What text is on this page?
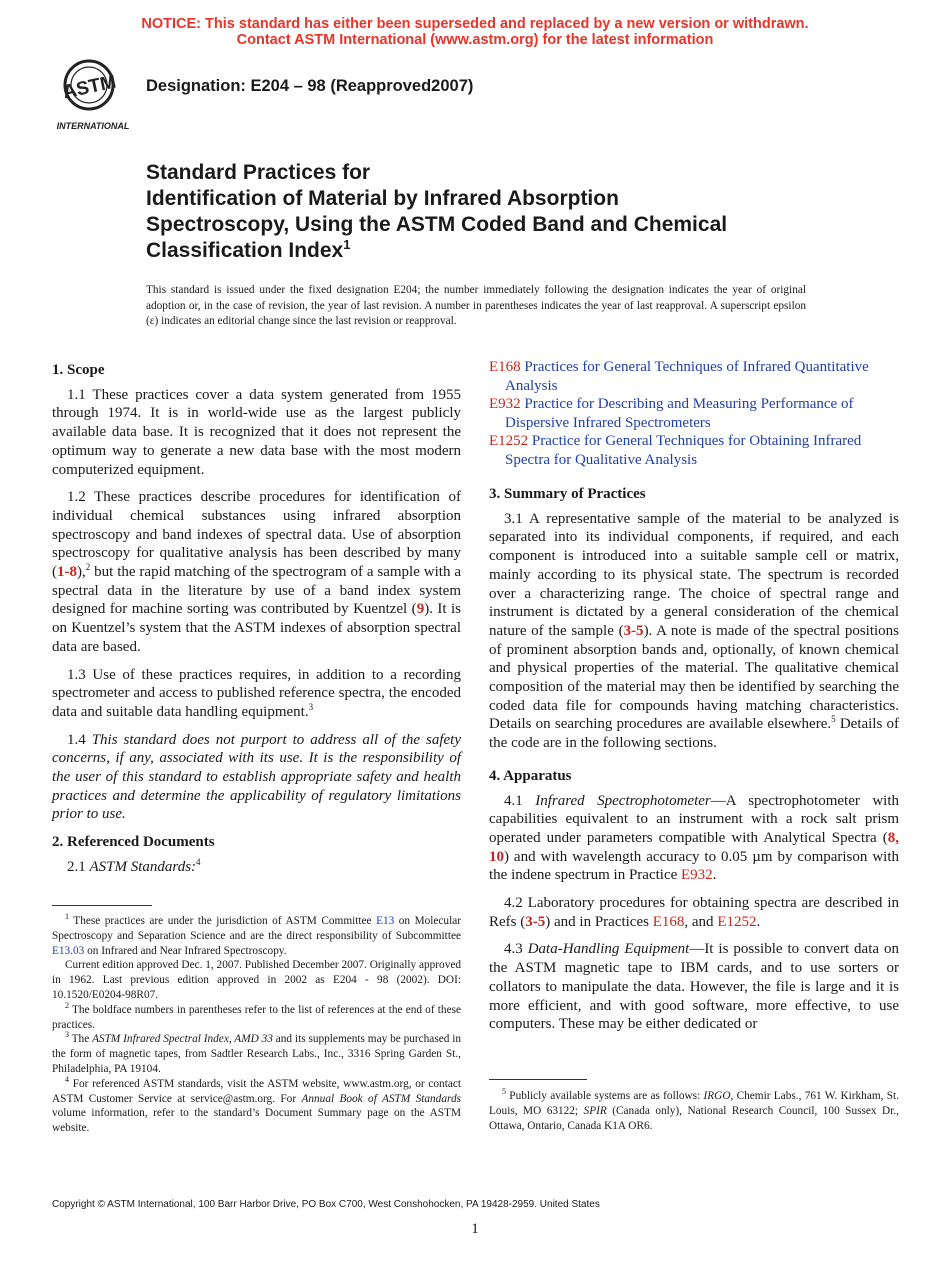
NOTICE: This standard has either been superseded and replaced by a new version or withdrawn.
Contact ASTM International (www.astm.org) for the latest information
ASTM
INTERNATIONAL
Designation: E204 – 98 (Reapproved2007)
Standard Practices for
Identification of Material by Infrared Absorption
Spectroscopy, Using the ASTM Coded Band and Chemical
Classification Index$^1$
This standard is issued under the fixed designation E204; the number immediately following the designation indicates the year of original adoption or, in the case of revision, the year of last revision. A number in parentheses indicates the year of last reapproval. A superscript epsilon (ε) indicates an editorial change since the last revision or reapproval.
1. Scope

1.1 These practices cover a data system generated from 1955 through 1974. It is in world-wide use as the largest publicly available data base. It is recognized that it does not represent the optimum way to generate a new data base with the most modern computerized equipment.

1.2 These practices describe procedures for identification of individual chemical substances using infrared absorption spectroscopy and band indexes of spectral data. Use of absorption spectroscopy for qualitative analysis has been described by many (1-8),$^2$ but the rapid matching of the spectrogram of a sample with a spectral data in the literature by use of a band index system designed for machine sorting was contributed by Kuentzel (9). It is on Kuentzel’s system that the ASTM indexes of absorption spectral data are based.

1.3 Use of these practices requires, in addition to a recording spectrometer and access to published reference spectra, the encoded data and suitable data handling equipment.$^3$

1.4 This standard does not purport to address all of the safety concerns, if any, associated with its use. It is the responsibility of the user of this standard to establish appropriate safety and health practices and determine the applicability of regulatory limitations prior to use.

2. Referenced Documents

2.1 ASTM Standards:$^4$

$^1$ These practices are under the jurisdiction of ASTM Committee E13 on Molecular Spectroscopy and Separation Science and are the direct responsibility of Subcommittee E13.03 on Infrared and Near Infrared Spectroscopy.

Current edition approved Dec. 1, 2007. Published December 2007. Originally approved in 1962. Last previous edition approved in 2002 as E204 - 98 (2002). DOI: 10.1520/E0204-98R07.

$^2$ The boldface numbers in parentheses refer to the list of references at the end of these practices.

$^3$ The ASTM Infrared Spectral Index, AMD 33 and its supplements may be purchased in the form of magnetic tapes, from Sadtler Research Labs., Inc., 3316 Spring Garden St., Philadelphia, PA 19104.

$^4$ For referenced ASTM standards, visit the ASTM website, www.astm.org, or contact ASTM Customer Service at service@astm.org. For Annual Book of ASTM Standards volume information, refer to the standard’s Document Summary page on the ASTM website.

E168 Practices for General Techniques of Infrared Quantitative Analysis
E932 Practice for Describing and Measuring Performance of Dispersive Infrared Spectrometers
E1252 Practice for General Techniques for Obtaining Infrared Spectra for Qualitative Analysis
3. Summary of Practices

3.1 A representative sample of the material to be analyzed is separated into its individual components, if required, and each component is introduced into a suitable sample cell or matrix, mainly according to its physical state. The spectrum is recorded over a characterizing range. The choice of spectral range and instrument is dictated by a general consideration of the chemical nature of the sample (3-5). A note is made of the spectral positions of prominent absorption bands and, optionally, of known chemical and physical properties of the material. The qualitative chemical composition of the material may then be identified by searching the coded data file for compounds having matching characteristics. Details on searching procedures are available elsewhere.$^5$ Details of the code are in the following sections.

4. Apparatus

4.1 Infrared Spectrophotometer—A spectrophotometer with capabilities equivalent to an instrument with a rock salt prism operated under parameters compatible with Analytical Spectra (8, 10) and with wavelength accuracy to 0.05 µm by comparison with the indene spectrum in Practice E932.

4.2 Laboratory procedures for obtaining spectra are described in Refs (3-5) and in Practices E168, and E1252.

4.3 Data-Handling Equipment—It is possible to convert data on the ASTM magnetic tape to IBM cards, and to use sorters or collators to manipulate the data. However, the file is large and it is more efficient, and with good software, more effective, to use computers. These may be either dedicated or

$^5$ Publicly available systems are as follows: IRGO, Chemir Labs., 761 W. Kirkham, St. Louis, MO 63122; SPIR (Canada only), National Research Council, 100 Sussex Dr., Ottawa, Ontario, Canada K1A OR6.

Copyright © ASTM International, 100 Barr Harbor Drive, PO Box C700, West Conshohocken, PA 19428-2959. United States
1
